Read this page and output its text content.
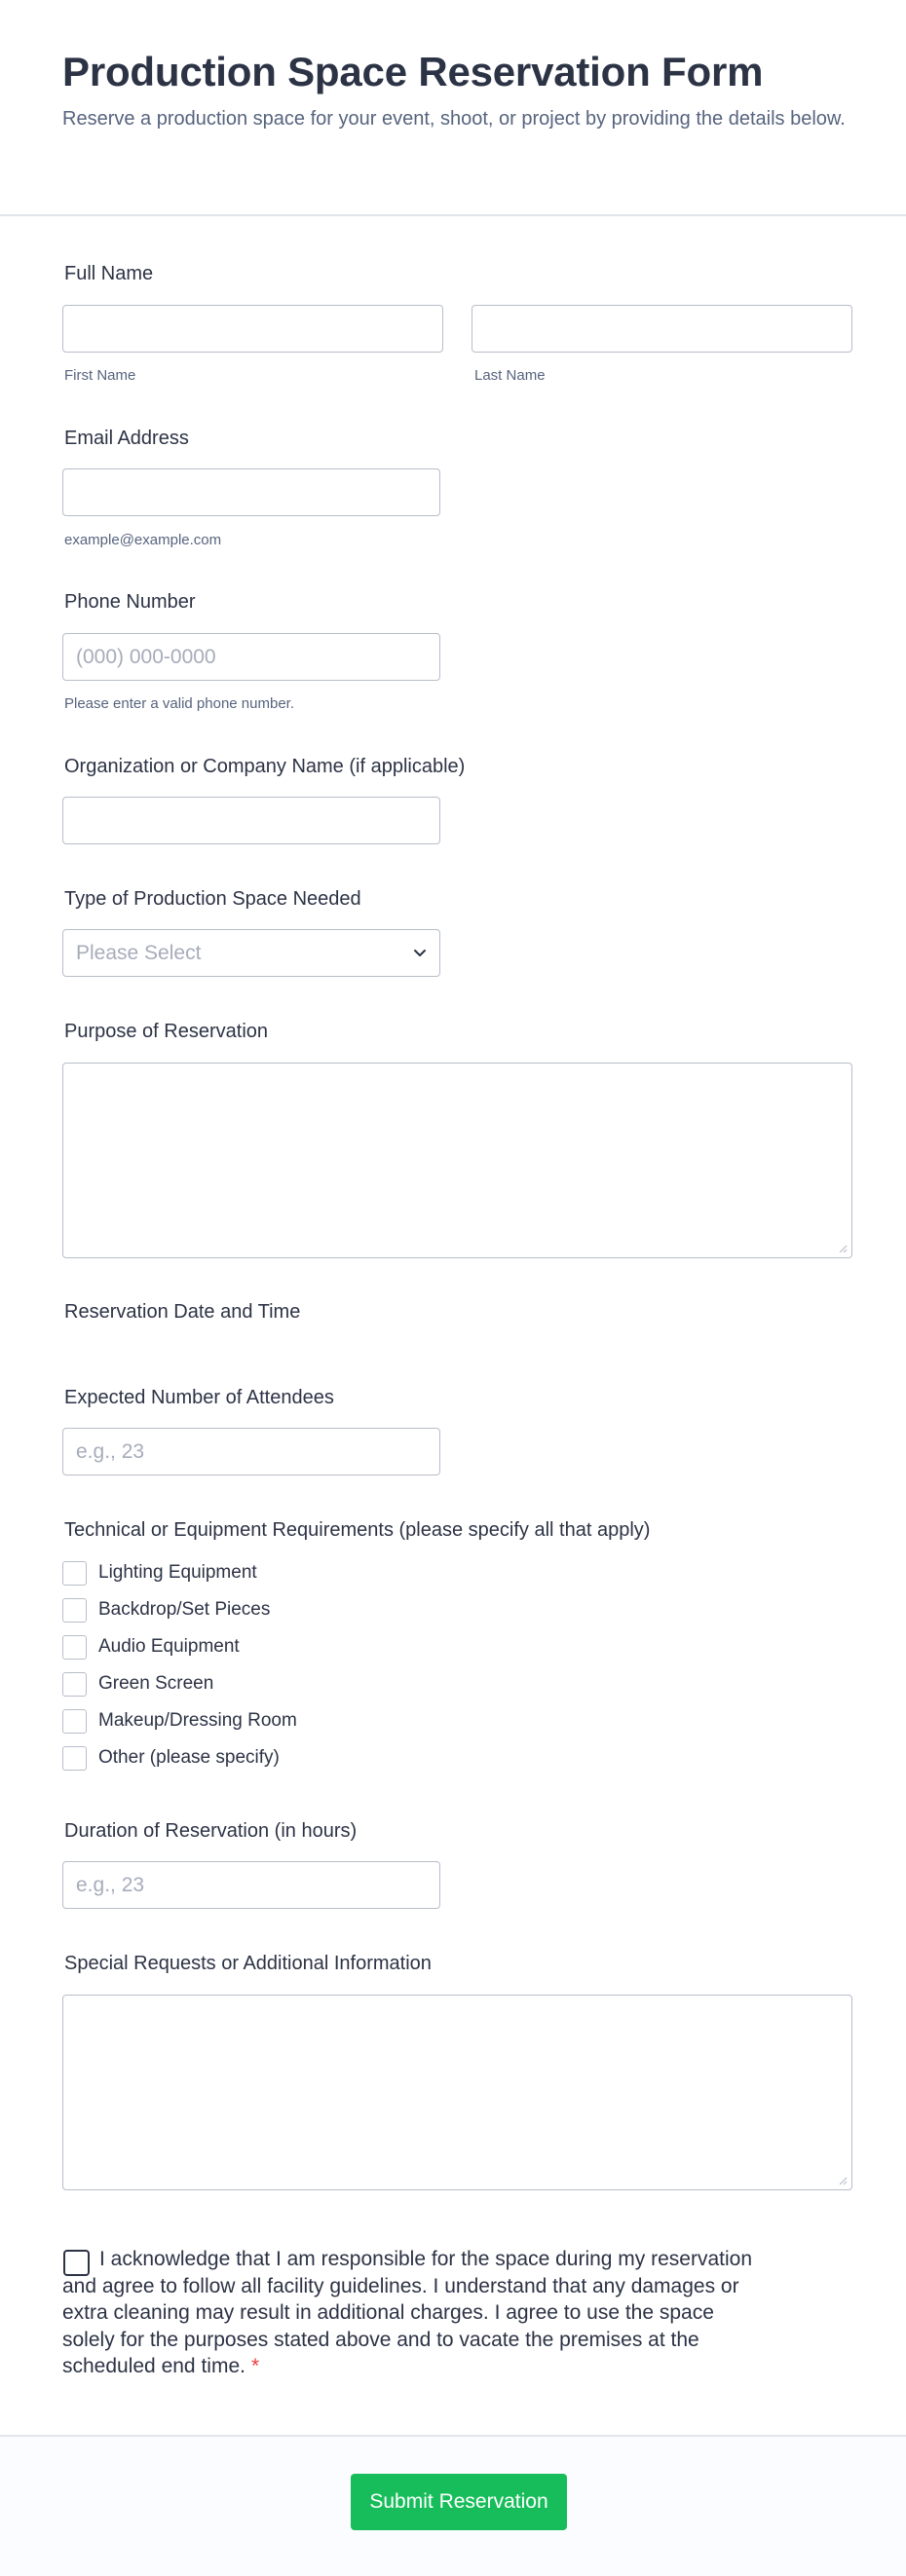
Production Space Reservation Form

Reserve a production space for your event, shoot, or project by providing the details below.

Full Name
First Name	Last Name
Email Address
example@example.com
Phone Number
(000) 000-0000
Please enter a valid phone number.
Organization or Company Name (if applicable)
Type of Production Space Needed
Please Select
Purpose of Reservation
Reservation Date and Time
Expected Number of Attendees
e.g., 23
Technical or Equipment Requirements (please specify all that apply)
Lighting Equipment
Backdrop/Set Pieces
Audio Equipment
Green Screen
Makeup/Dressing Room
Other (please specify)
Duration of Reservation (in hours)
e.g., 23
Special Requests or Additional Information

I acknowledge that I am responsible for the space during my reservation and agree to follow all facility guidelines. I understand that any damages or extra cleaning may result in additional charges. I agree to use the space solely for the purposes stated above and to vacate the premises at the scheduled end time. *

Submit Reservation
